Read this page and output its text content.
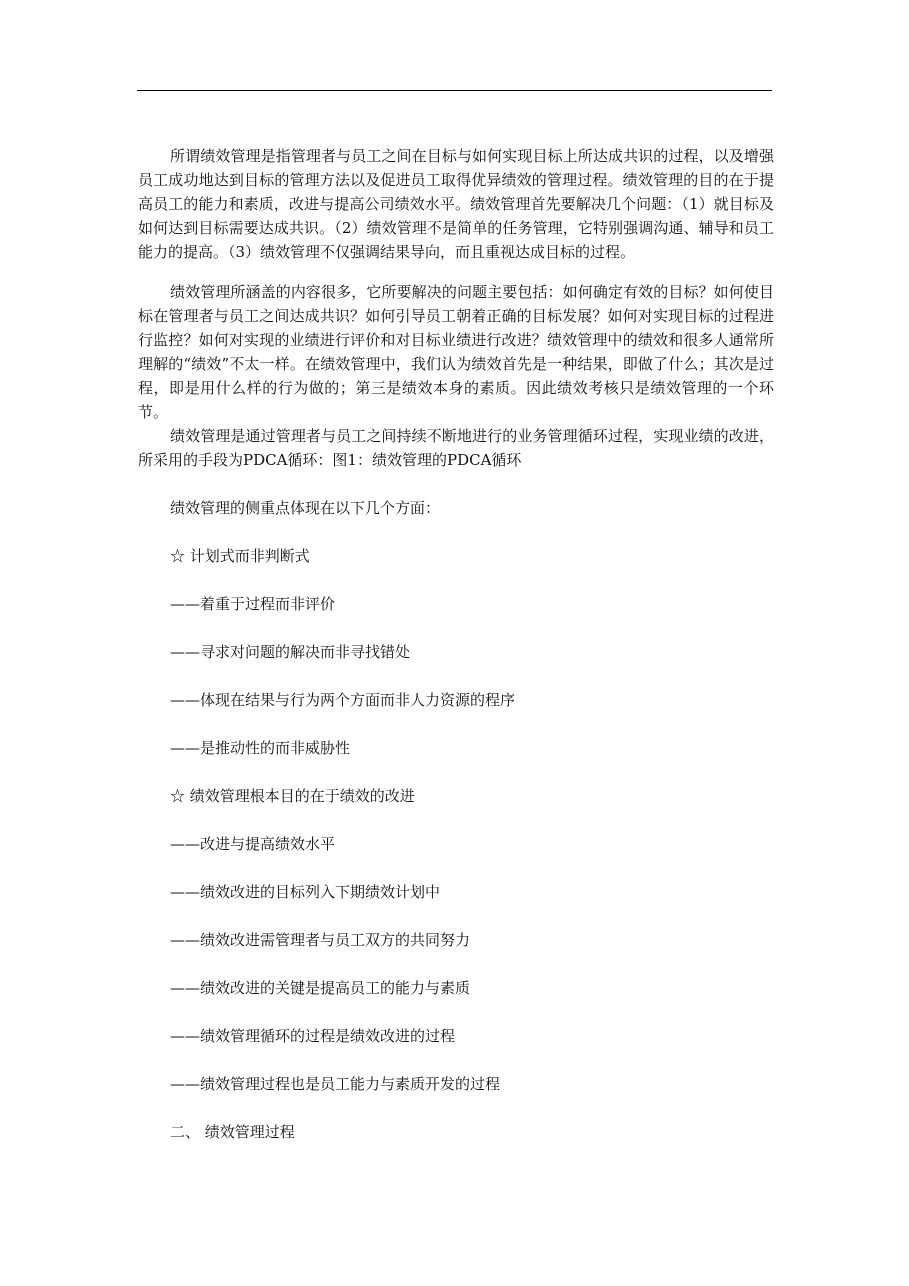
所谓绩效管理是指管理者与员工之间在目标与如何实现目标上所达成共识的过程，以及增强员工成功地达到目标的管理方法以及促进员工取得优异绩效的管理过程。绩效管理的目的在于提高员工的能力和素质，改进与提高公司绩效水平。绩效管理首先要解决几个问题：（1）就目标及如何达到目标需要达成共识。（2）绩效管理不是简单的任务管理，它特别强调沟通、辅导和员工能力的提高。（3）绩效管理不仅强调结果导向，而且重视达成目标的过程。

绩效管理所涵盖的内容很多，它所要解决的问题主要包括：如何确定有效的目标？如何使目标在管理者与员工之间达成共识？如何引导员工朝着正确的目标发展？如何对实现目标的过程进行监控？如何对实现的业绩进行评价和对目标业绩进行改进？绩效管理中的绩效和很多人通常所理解的“绩效”不太一样。在绩效管理中，我们认为绩效首先是一种结果，即做了什么；其次是过程，即是用什么样的行为做的；第三是绩效本身的素质。因此绩效考核只是绩效管理的一个环节。

绩效管理是通过管理者与员工之间持续不断地进行的业务管理循环过程，实现业绩的改进，所采用的手段为PDCA循环：图1：绩效管理的PDCA循环

绩效管理的侧重点体现在以下几个方面：

☆ 计划式而非判断式

——着重于过程而非评价

——寻求对问题的解决而非寻找错处

——体现在结果与行为两个方面而非人力资源的程序

——是推动性的而非威胁性

☆ 绩效管理根本目的在于绩效的改进

——改进与提高绩效水平

——绩效改进的目标列入下期绩效计划中

——绩效改进需管理者与员工双方的共同努力

——绩效改进的关键是提高员工的能力与素质

——绩效管理循环的过程是绩效改进的过程

——绩效管理过程也是员工能力与素质开发的过程

二、 绩效管理过程
